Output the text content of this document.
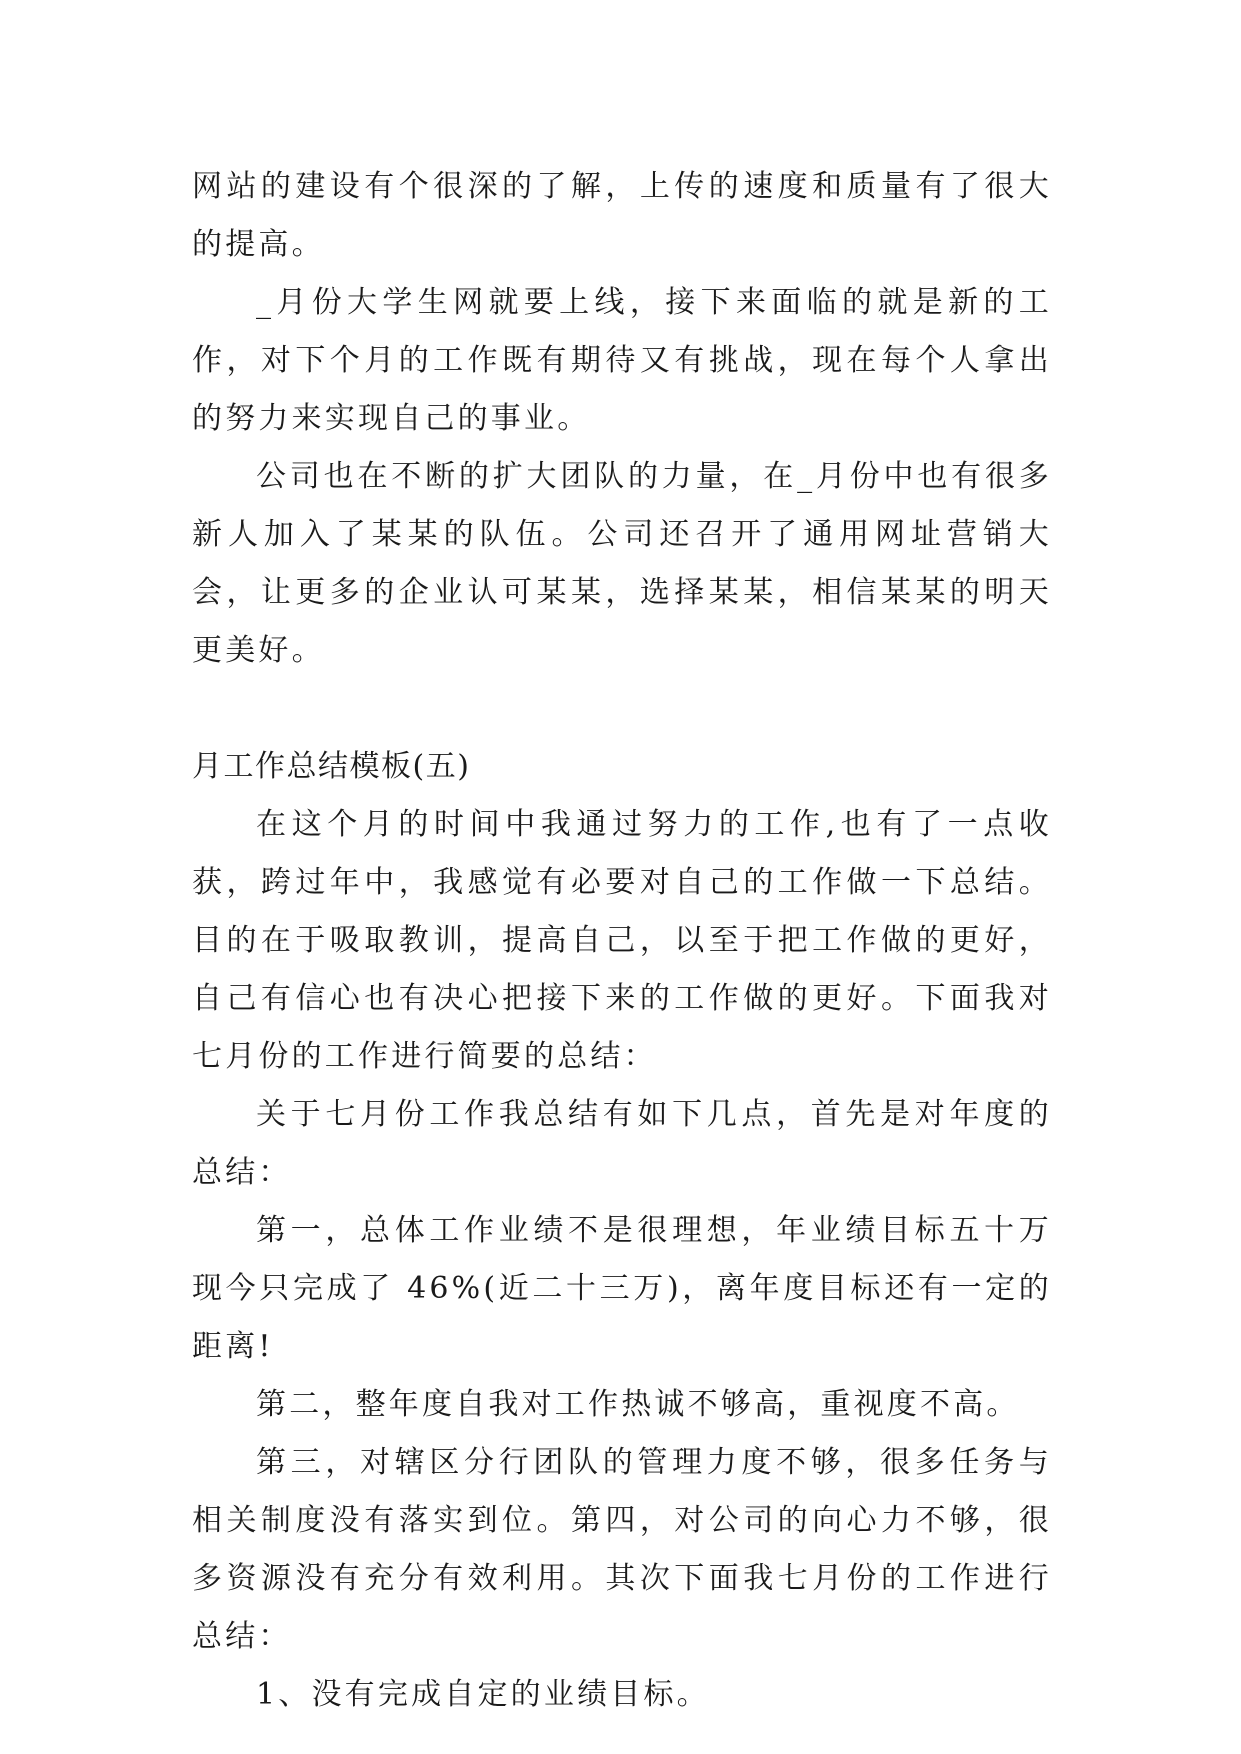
网站的建设有个很深的了解，上传的速度和质量有了很大的提高。

_月份大学生网就要上线，接下来面临的就是新的工作，对下个月的工作既有期待又有挑战，现在每个人拿出的努力来实现自己的事业。

公司也在不断的扩大团队的力量，在_月份中也有很多新人加入了某某的队伍。公司还召开了通用网址营销大会，让更多的企业认可某某，选择某某，相信某某的明天更美好。

月工作总结模板(五)

在这个月的时间中我通过努力的工作,也有了一点收获，跨过年中，我感觉有必要对自己的工作做一下总结。目的在于吸取教训，提高自己，以至于把工作做的更好，自己有信心也有决心把接下来的工作做的更好。下面我对七月份的工作进行简要的总结：

关于七月份工作我总结有如下几点，首先是对年度的总结：

第一，总体工作业绩不是很理想，年业绩目标五十万现今只完成了 46%(近二十三万)，离年度目标还有一定的距离!

第二，整年度自我对工作热诚不够高，重视度不高。

第三，对辖区分行团队的管理力度不够，很多任务与相关制度没有落实到位。第四，对公司的向心力不够，很多资源没有充分有效利用。其次下面我七月份的工作进行总结：

1、没有完成自定的业绩目标。
